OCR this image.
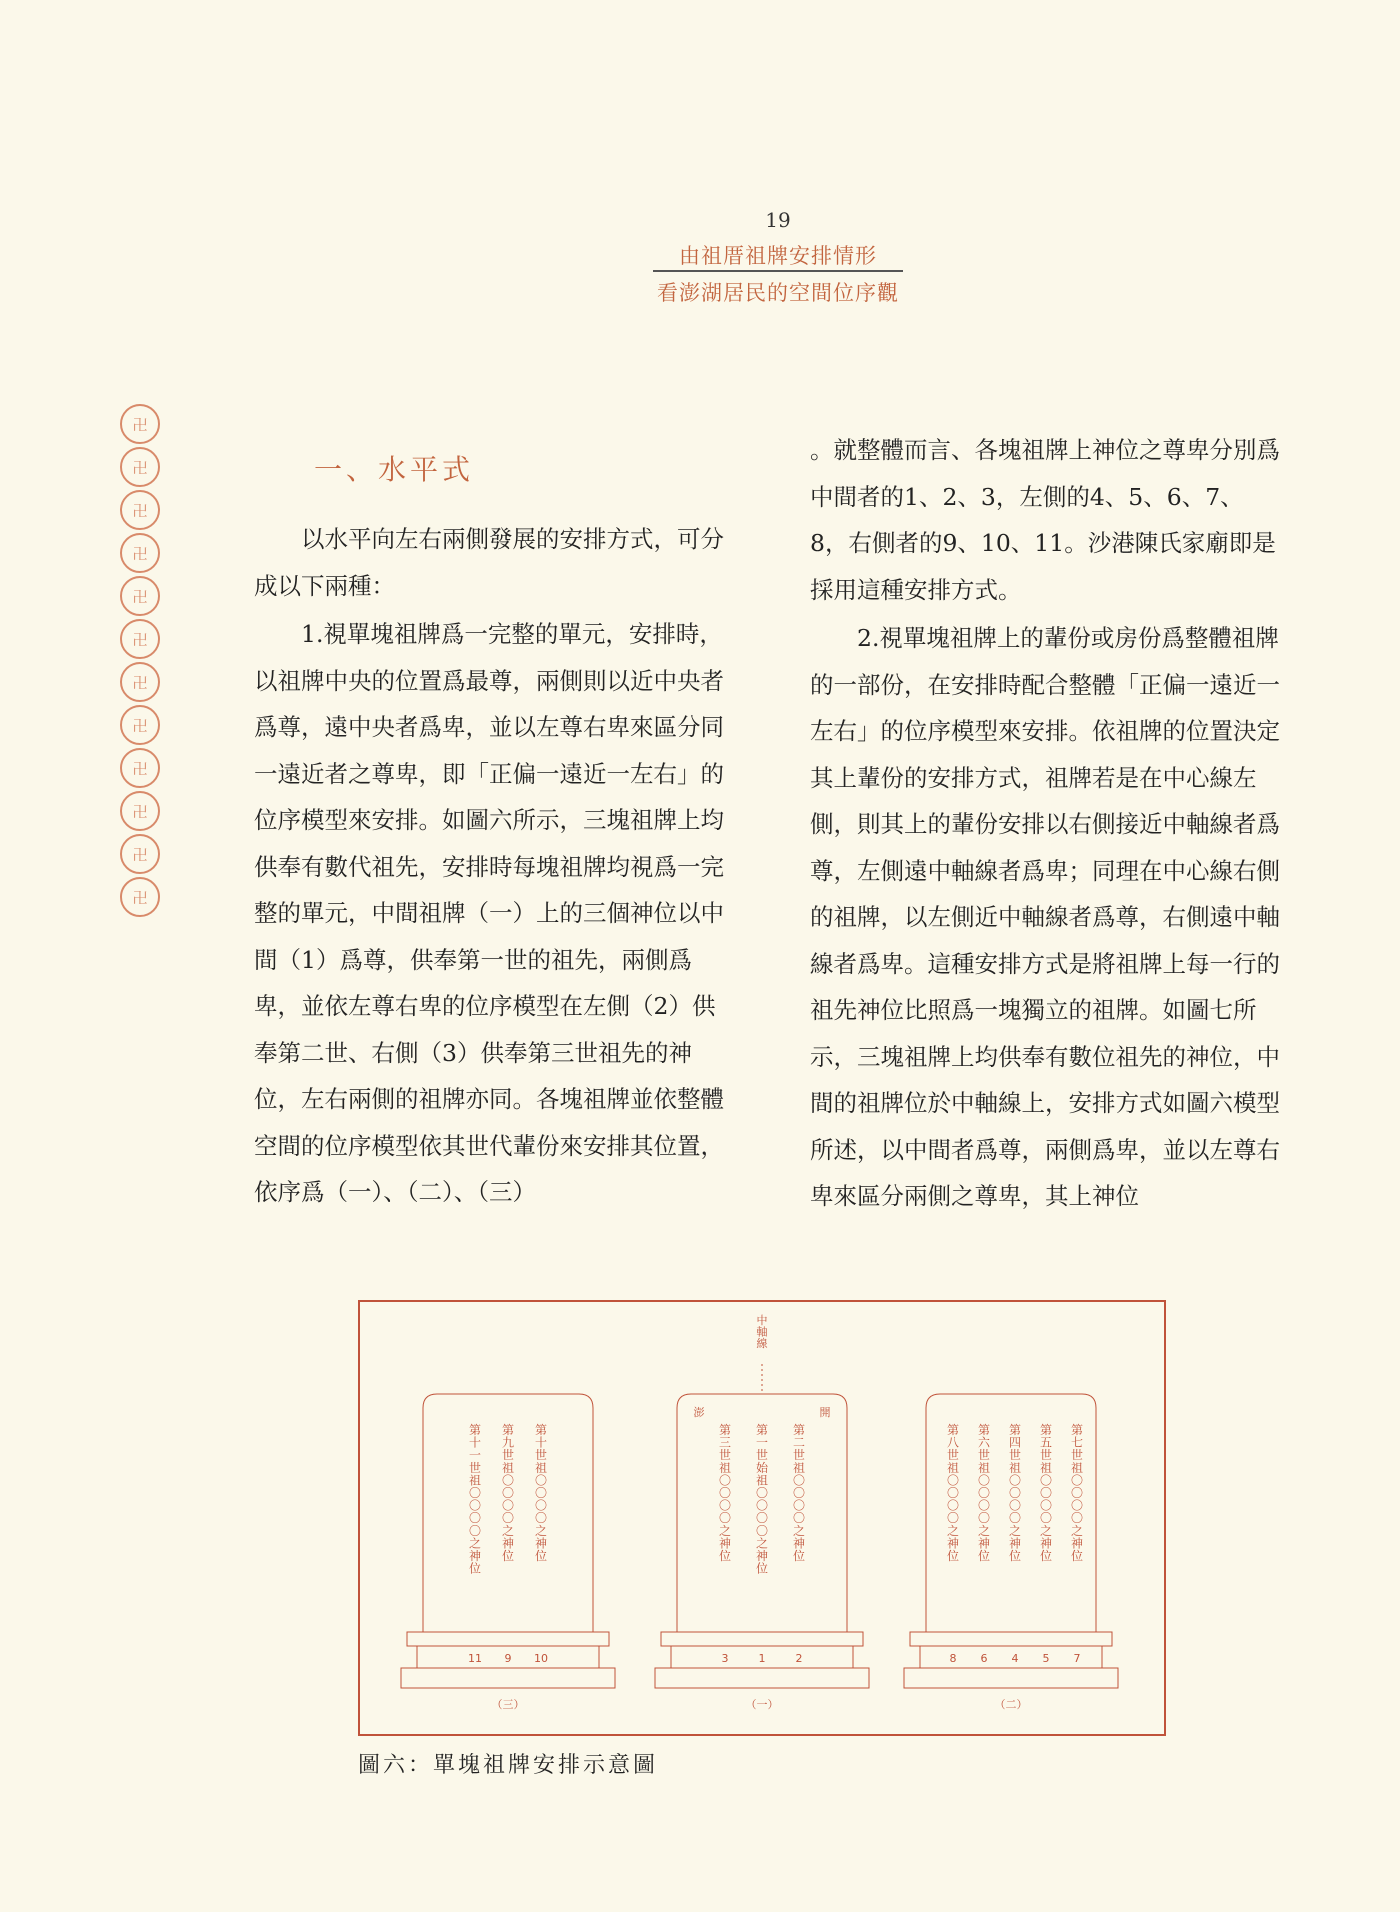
19
由祖厝祖牌安排情形
看澎湖居民的空間位序觀
卍
卍
卍
卍
卍
卍
卍
卍
卍
卍
卍
卍
一、水平式

以水平向左右兩側發展的安排方式，可分成以下兩種：

1.視單塊祖牌爲一完整的單元，安排時，以祖牌中央的位置爲最尊，兩側則以近中央者爲尊，遠中央者爲卑，並以左尊右卑來區分同一遠近者之尊卑，即「正偏一遠近一左右」的位序模型來安排。如圖六所示，三塊祖牌上均供奉有數代祖先，安排時每塊祖牌均視爲一完整的單元，中間祖牌（一）上的三個神位以中間（1）爲尊，供奉第一世的祖先，兩側爲卑，並依左尊右卑的位序模型在左側（2）供奉第二世、右側（3）供奉第三世祖先的神位，左右兩側的祖牌亦同。各塊祖牌並依整體空間的位序模型依其世代輩份來安排其位置，依序爲（一）、（二）、（三）

。就整體而言、各塊祖牌上神位之尊卑分別爲中間者的1、2、3，左側的4、5、6、7、8，右側者的9、10、11。沙港陳氏家廟即是採用這種安排方式。

2.視單塊祖牌上的輩份或房份爲整體祖牌的一部份，在安排時配合整體「正偏一遠近一左右」的位序模型來安排。依祖牌的位置決定其上輩份的安排方式，祖牌若是在中心線左側，則其上的輩份安排以右側接近中軸線者爲尊，左側遠中軸線者爲卑；同理在中心線右側的祖牌，以左側近中軸線者爲尊，右側遠中軸線者爲卑。這種安排方式是將祖牌上每一行的祖先神位比照爲一塊獨立的祖牌。如圖七所示，三塊祖牌上均供奉有數位祖先的神位，中間的祖牌位於中軸線上，安排方式如圖六模型所述，以中間者爲尊，兩側爲卑，並以左尊右卑來區分兩側之尊卑，其上神位

中軸線
第十一世祖〇〇〇〇之神位
11
第九世祖〇〇〇〇之神位
9
第十世祖〇〇〇〇之神位
10
（三）
澎	開
第三世祖〇〇〇〇之神位
3
第一世始祖〇〇〇〇之神位
1
第二世祖〇〇〇〇之神位
2
（一）
第八世祖〇〇〇〇之神位
8
第六世祖〇〇〇〇之神位
6
第四世祖〇〇〇〇之神位
4
第五世祖〇〇〇〇之神位
5
第七世祖〇〇〇〇之神位
7
（二）
圖六：單塊祖牌安排示意圖
